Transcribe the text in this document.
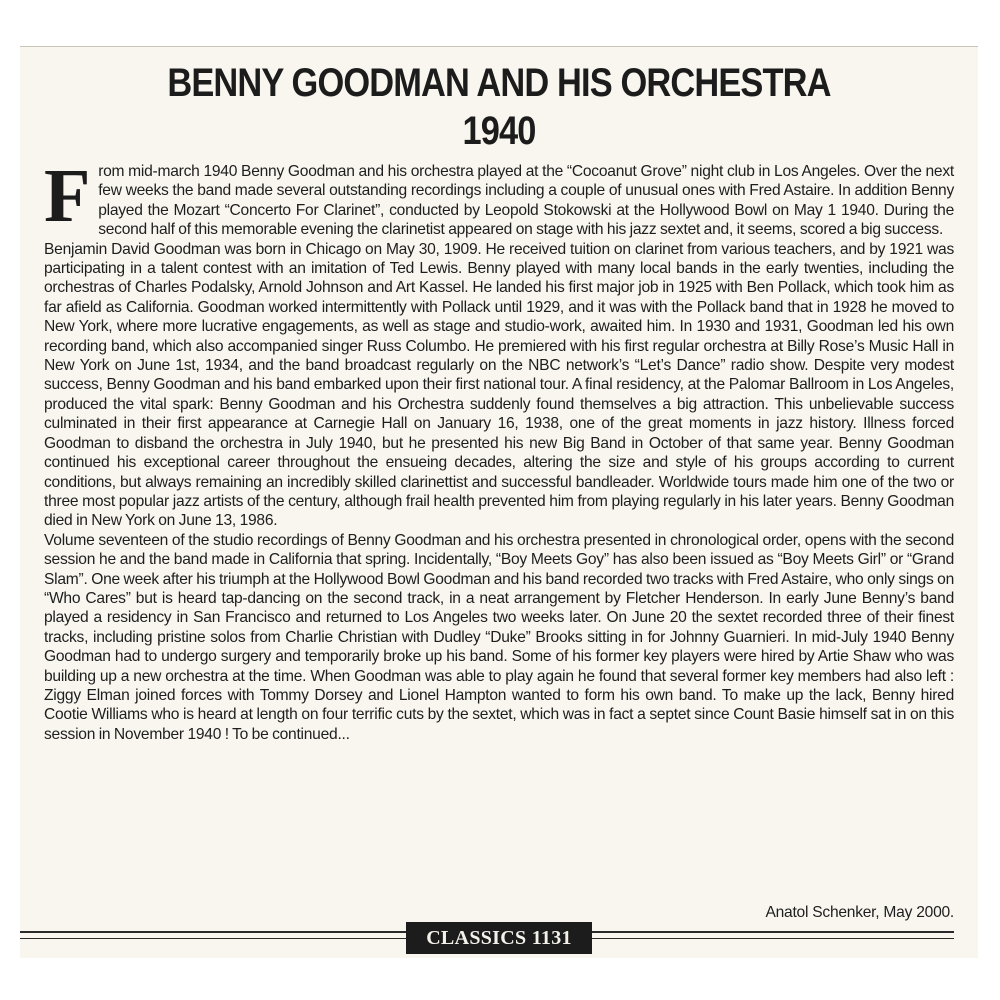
BENNY GOODMAN AND HIS ORCHESTRA
1940

From mid-march 1940 Benny Goodman and his orchestra played at the “Cocoanut Grove” night club in Los Angeles. Over the next few weeks the band made several outstanding recordings including a couple of unusual ones with Fred Astaire. In addition Benny played the Mozart “Concerto For Clarinet”, conducted by Leopold Stokowski at the Hollywood Bowl on May 1 1940. During the second half of this memorable evening the clarinetist appeared on stage with his jazz sextet and, it seems, scored a big success.

Benjamin David Goodman was born in Chicago on May 30, 1909. He received tuition on clarinet from various teachers, and by 1921 was participating in a talent contest with an imitation of Ted Lewis. Benny played with many local bands in the early twenties, including the orchestras of Charles Podalsky, Arnold Johnson and Art Kassel. He landed his first major job in 1925 with Ben Pollack, which took him as far afield as California. Goodman worked intermittently with Pollack until 1929, and it was with the Pollack band that in 1928 he moved to New York, where more lucrative engagements, as well as stage and studio-work, awaited him. In 1930 and 1931, Goodman led his own recording band, which also accompanied singer Russ Columbo. He premiered with his first regular orchestra at Billy Rose’s Music Hall in New York on June 1st, 1934, and the band broadcast regularly on the NBC network’s “Let’s Dance” radio show. Despite very modest success, Benny Goodman and his band embarked upon their first national tour. A final residency, at the Palomar Ballroom in Los Angeles, produced the vital spark: Benny Goodman and his Orchestra suddenly found themselves a big attraction. This unbelievable success culminated in their first appearance at Carnegie Hall on January 16, 1938, one of the great moments in jazz history. Illness forced Goodman to disband the orchestra in July 1940, but he presented his new Big Band in October of that same year. Benny Goodman continued his exceptional career throughout the ensueing decades, altering the size and style of his groups according to current conditions, but always remaining an incredibly skilled clarinettist and successful bandleader. Worldwide tours made him one of the two or three most popular jazz artists of the century, although frail health prevented him from playing regularly in his later years. Benny Goodman died in New York on June 13, 1986.

Volume seventeen of the studio recordings of Benny Goodman and his orchestra presented in chronological order, opens with the second session he and the band made in California that spring. Incidentally, “Boy Meets Goy” has also been issued as “Boy Meets Girl” or “Grand Slam”. One week after his triumph at the Hollywood Bowl Goodman and his band recorded two tracks with Fred Astaire, who only sings on “Who Cares” but is heard tap-dancing on the second track, in a neat arrangement by Fletcher Henderson. In early June Benny’s band played a residency in San Francisco and returned to Los Angeles two weeks later. On June 20 the sextet recorded three of their finest tracks, including pristine solos from Charlie Christian with Dudley “Duke” Brooks sitting in for Johnny Guarnieri. In mid-July 1940 Benny Goodman had to undergo surgery and temporarily broke up his band. Some of his former key players were hired by Artie Shaw who was building up a new orchestra at the time. When Goodman was able to play again he found that several former key members had also left : Ziggy Elman joined forces with Tommy Dorsey and Lionel Hampton wanted to form his own band. To make up the lack, Benny hired Cootie Williams who is heard at length on four terrific cuts by the sextet, which was in fact a septet since Count Basie himself sat in on this session in November 1940 ! To be continued...

Anatol Schenker, May 2000.
CLASSICS 1131
